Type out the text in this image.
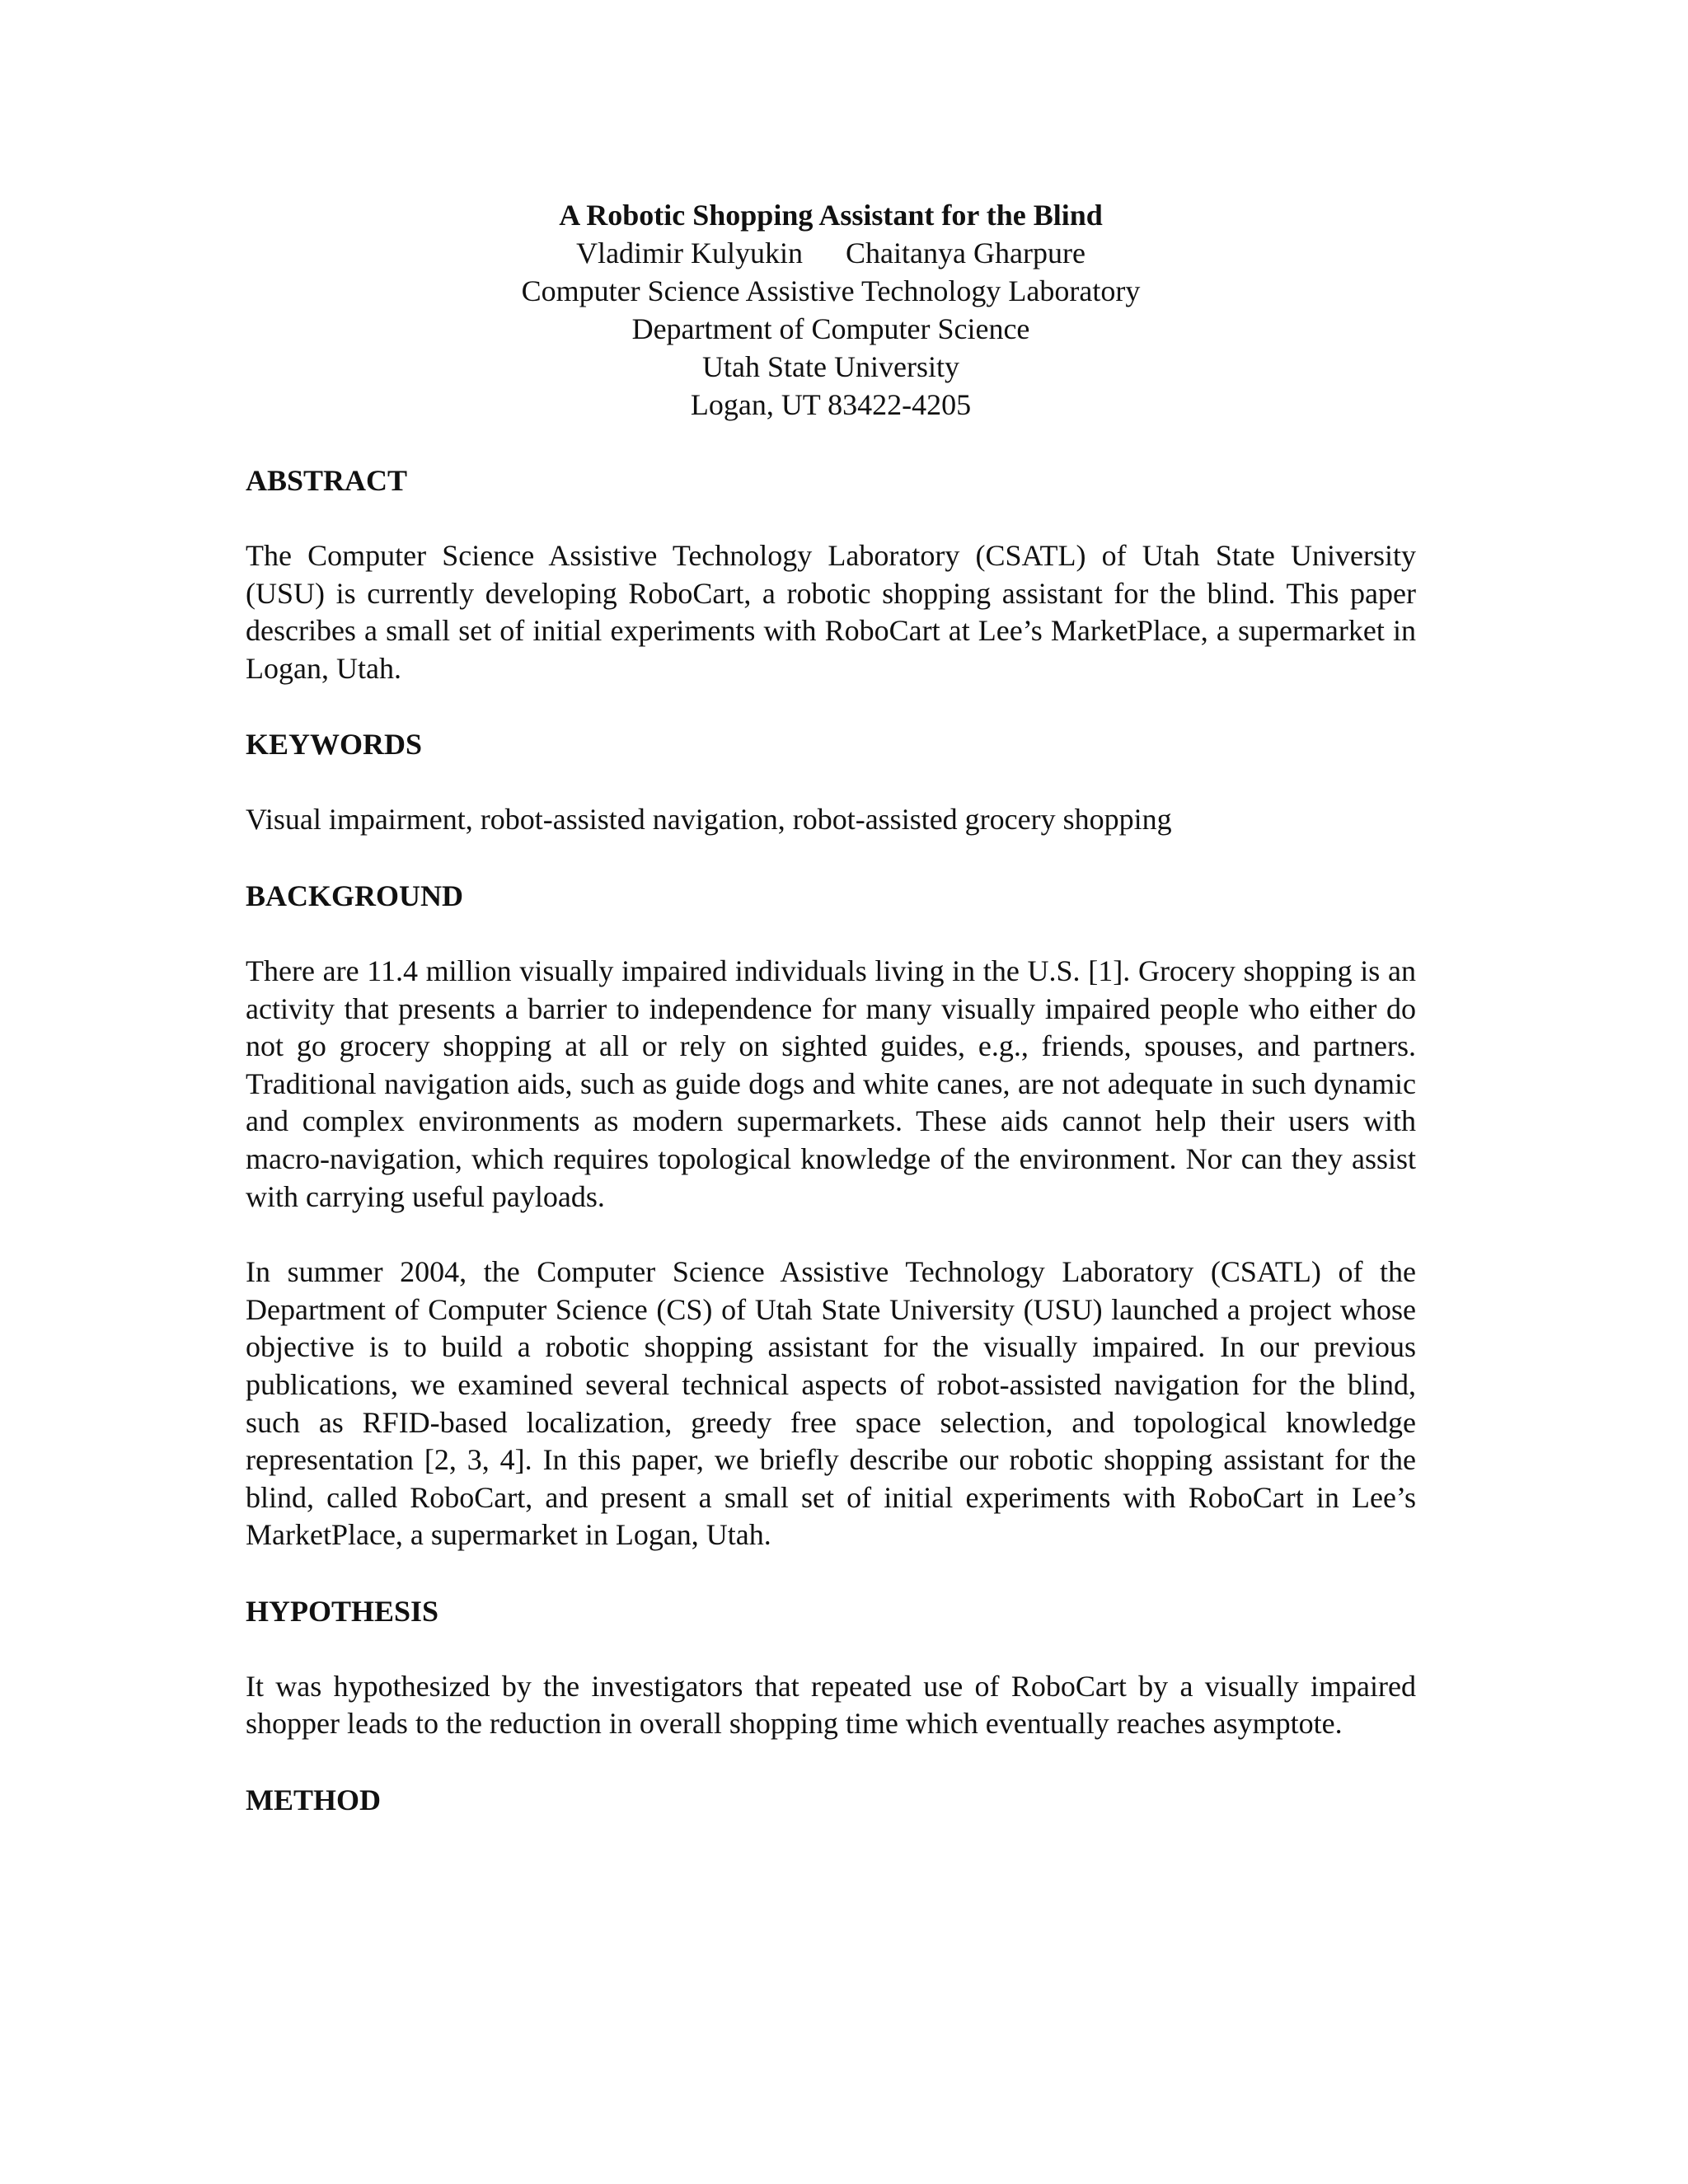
A Robotic Shopping Assistant for the Blind
Vladimir Kulyukin Chaitanya Gharpure
Computer Science Assistive Technology Laboratory
Department of Computer Science
Utah State University
Logan, UT 83422-4205
ABSTRACT

The Computer Science Assistive Technology Laboratory (CSATL) of Utah State University (USU) is currently developing RoboCart, a robotic shopping assistant for the blind. This paper describes a small set of initial experiments with RoboCart at Lee’s MarketPlace, a supermarket in Logan, Utah.

KEYWORDS

Visual impairment, robot-assisted navigation, robot-assisted grocery shopping

BACKGROUND

There are 11.4 million visually impaired individuals living in the U.S. [1]. Grocery shopping is an activity that presents a barrier to independence for many visually impaired people who either do not go grocery shopping at all or rely on sighted guides, e.g., friends, spouses, and partners. Traditional navigation aids, such as guide dogs and white canes, are not adequate in such dynamic and complex environments as modern supermarkets. These aids cannot help their users with macro-navigation, which requires topological knowledge of the environment. Nor can they assist with carrying useful payloads.

In summer 2004, the Computer Science Assistive Technology Laboratory (CSATL) of the Department of Computer Science (CS) of Utah State University (USU) launched a project whose objective is to build a robotic shopping assistant for the visually impaired. In our previous publications, we examined several technical aspects of robot-assisted navigation for the blind, such as RFID-based localization, greedy free space selection, and topological knowledge representation [2, 3, 4]. In this paper, we briefly describe our robotic shopping assistant for the blind, called RoboCart, and present a small set of initial experiments with RoboCart in Lee’s MarketPlace, a supermarket in Logan, Utah.

HYPOTHESIS

It was hypothesized by the investigators that repeated use of RoboCart by a visually impaired shopper leads to the reduction in overall shopping time which eventually reaches asymptote.

METHOD
